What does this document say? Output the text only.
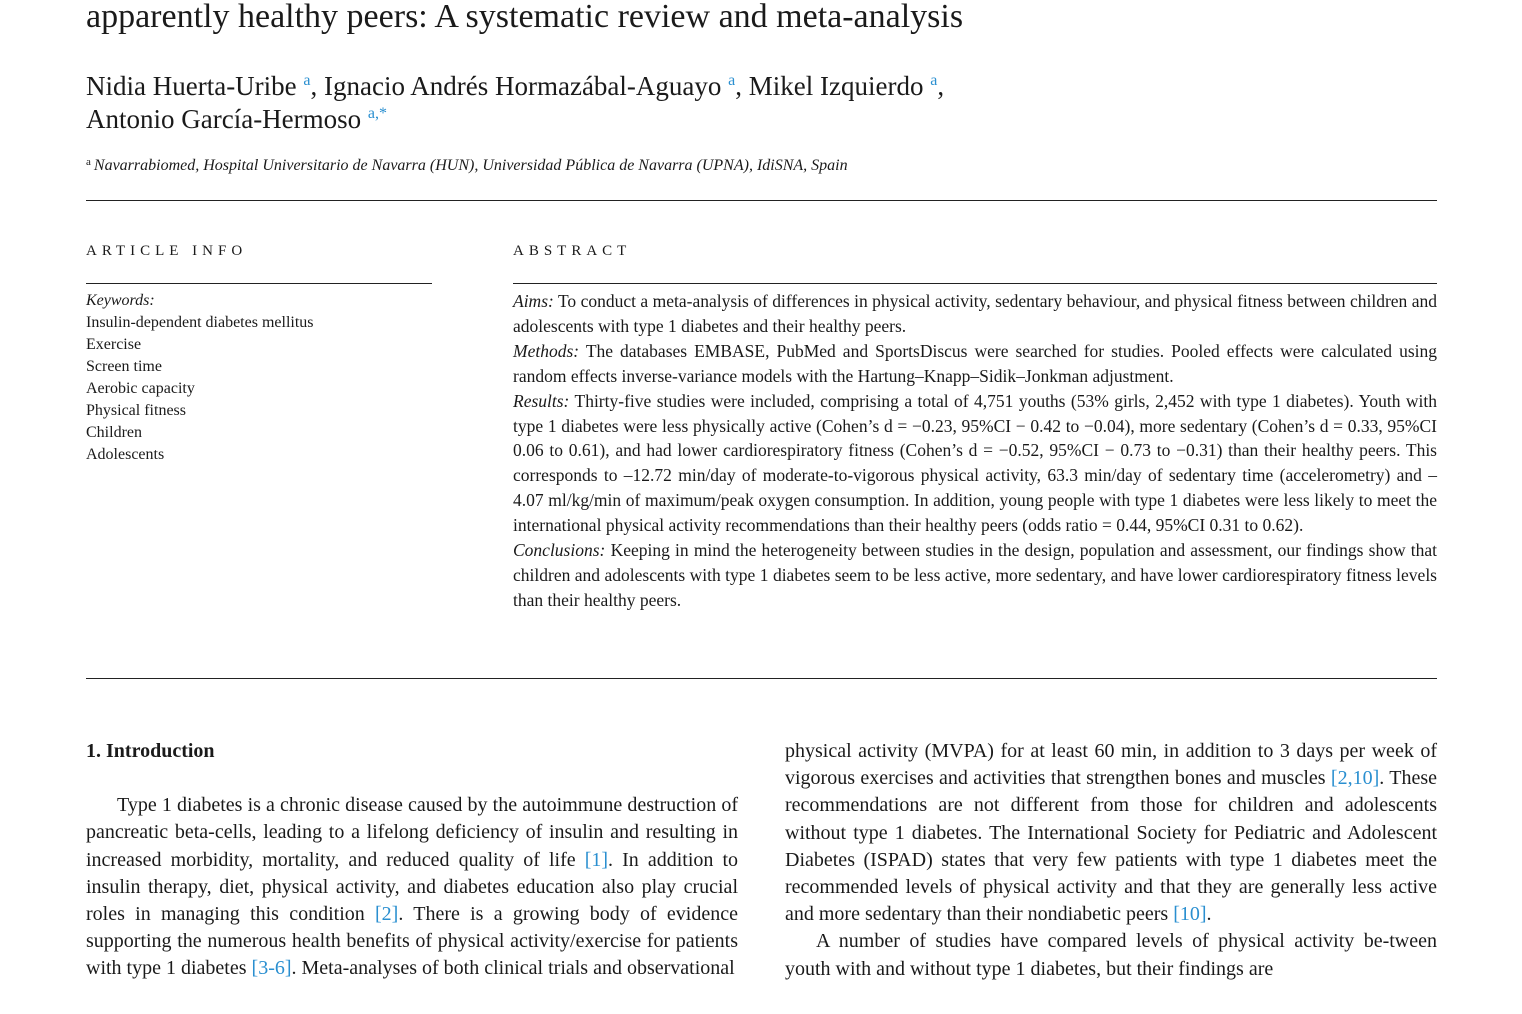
apparently healthy peers: A systematic review and meta-analysis
Nidia Huerta-Uribe $^a$, Ignacio Andrés Hormazábal-Aguayo $^a$, Mikel Izquierdo $^a$,
Antonio García-Hermoso $^{a,*}$
$^a$ Navarrabiomed, Hospital Universitario de Navarra (HUN), Universidad Pública de Navarra (UPNA), IdiSNA, Spain
ARTICLE INFO	ABSTRACT
Keywords:
Insulin-dependent diabetes mellitus
Exercise
Screen time
Aerobic capacity
Physical fitness
Children
Adolescents

Aims: To conduct a meta-analysis of differences in physical activity, sedentary behaviour, and physical fitness between children and adolescents with type 1 diabetes and their healthy peers.

Methods: The databases EMBASE, PubMed and SportsDiscus were searched for studies. Pooled effects were calculated using random effects inverse-variance models with the Hartung–Knapp–Sidik–Jonkman adjustment.

Results: Thirty-five studies were included, comprising a total of 4,751 youths (53% girls, 2,452 with type 1 diabetes). Youth with type 1 diabetes were less physically active (Cohen’s d = −0.23, 95%CI − 0.42 to −0.04), more sedentary (Cohen’s d = 0.33, 95%CI 0.06 to 0.61), and had lower cardiorespiratory fitness (Cohen’s d = −0.52, 95%CI − 0.73 to −0.31) than their healthy peers. This corresponds to –12.72 min/day of moderate-to-vigorous physical activity, 63.3 min/day of sedentary time (accelerometry) and –4.07 ml/kg/min of maximum/peak oxygen consumption. In addition, young people with type 1 diabetes were less likely to meet the international physical activity recommendations than their healthy peers (odds ratio = 0.44, 95%CI 0.31 to 0.62).

Conclusions: Keeping in mind the heterogeneity between studies in the design, population and assessment, our findings show that children and adolescents with type 1 diabetes seem to be less active, more sedentary, and have lower cardiorespiratory fitness levels than their healthy peers.

1. Introduction

Type 1 diabetes is a chronic disease caused by the autoimmune destruction of pancreatic beta-cells, leading to a lifelong deficiency of insulin and resulting in increased morbidity, mortality, and reduced quality of life [1]. In addition to insulin therapy, diet, physical activity, and diabetes education also play crucial roles in managing this condition [2]. There is a growing body of evidence supporting the numerous health benefits of physical activity/exercise for patients with type 1 diabetes [3-6]. Meta-analyses of both clinical trials and observational

physical activity (MVPA) for at least 60 min, in addition to 3 days per week of vigorous exercises and activities that strengthen bones and muscles [2,10]. These recommendations are not different from those for children and adolescents without type 1 diabetes. The International Society for Pediatric and Adolescent Diabetes (ISPAD) states that very few patients with type 1 diabetes meet the recommended levels of physical activity and that they are generally less active and more sedentary than their nondiabetic peers [10].

A number of studies have compared levels of physical activity be-tween youth with and without type 1 diabetes, but their findings are
